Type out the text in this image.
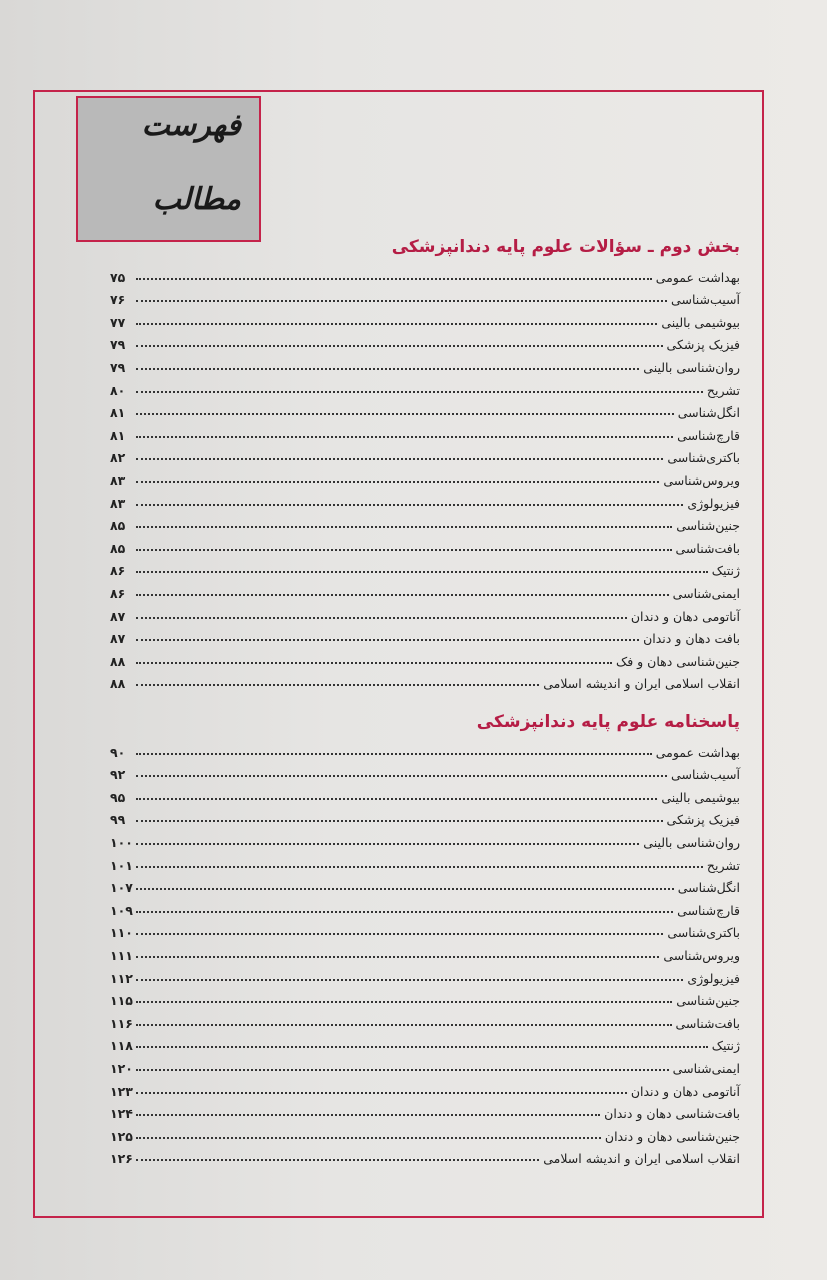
فهرست
مطالب
بخش دوم ـ سؤالات علوم پایه دندانپزشکی
بهداشت عمومی
۷۵
آسیب‌شناسی
۷۶
بیوشیمی بالینی
۷۷
فیزیک پزشکی
۷۹
روان‌شناسی بالینی
۷۹
تشریح
۸۰
انگل‌شناسی
۸۱
قارچ‌شناسی
۸۱
باکتری‌شناسی
۸۲
ویروس‌شناسی
۸۳
فیزیولوژی
۸۳
جنین‌شناسی
۸۵
بافت‌شناسی
۸۵
ژنتیک
۸۶
ایمنی‌شناسی
۸۶
آناتومی دهان و دندان
۸۷
بافت دهان و دندان
۸۷
جنین‌شناسی دهان و فک
۸۸
انقلاب اسلامی ایران و اندیشه اسلامی
۸۸
پاسخنامه علوم پایه دندانپزشکی
بهداشت عمومی
۹۰
آسیب‌شناسی
۹۲
بیوشیمی بالینی
۹۵
فیزیک پزشکی
۹۹
روان‌شناسی بالینی
۱۰۰
تشریح
۱۰۱
انگل‌شناسی
۱۰۷
قارچ‌شناسی
۱۰۹
باکتری‌شناسی
۱۱۰
ویروس‌شناسی
۱۱۱
فیزیولوژی
۱۱۲
جنین‌شناسی
۱۱۵
بافت‌شناسی
۱۱۶
ژنتیک
۱۱۸
ایمنی‌شناسی
۱۲۰
آناتومی دهان و دندان
۱۲۳
بافت‌شناسی دهان و دندان
۱۲۴
جنین‌شناسی دهان و دندان
۱۲۵
انقلاب اسلامی ایران و اندیشه اسلامی
۱۲۶
